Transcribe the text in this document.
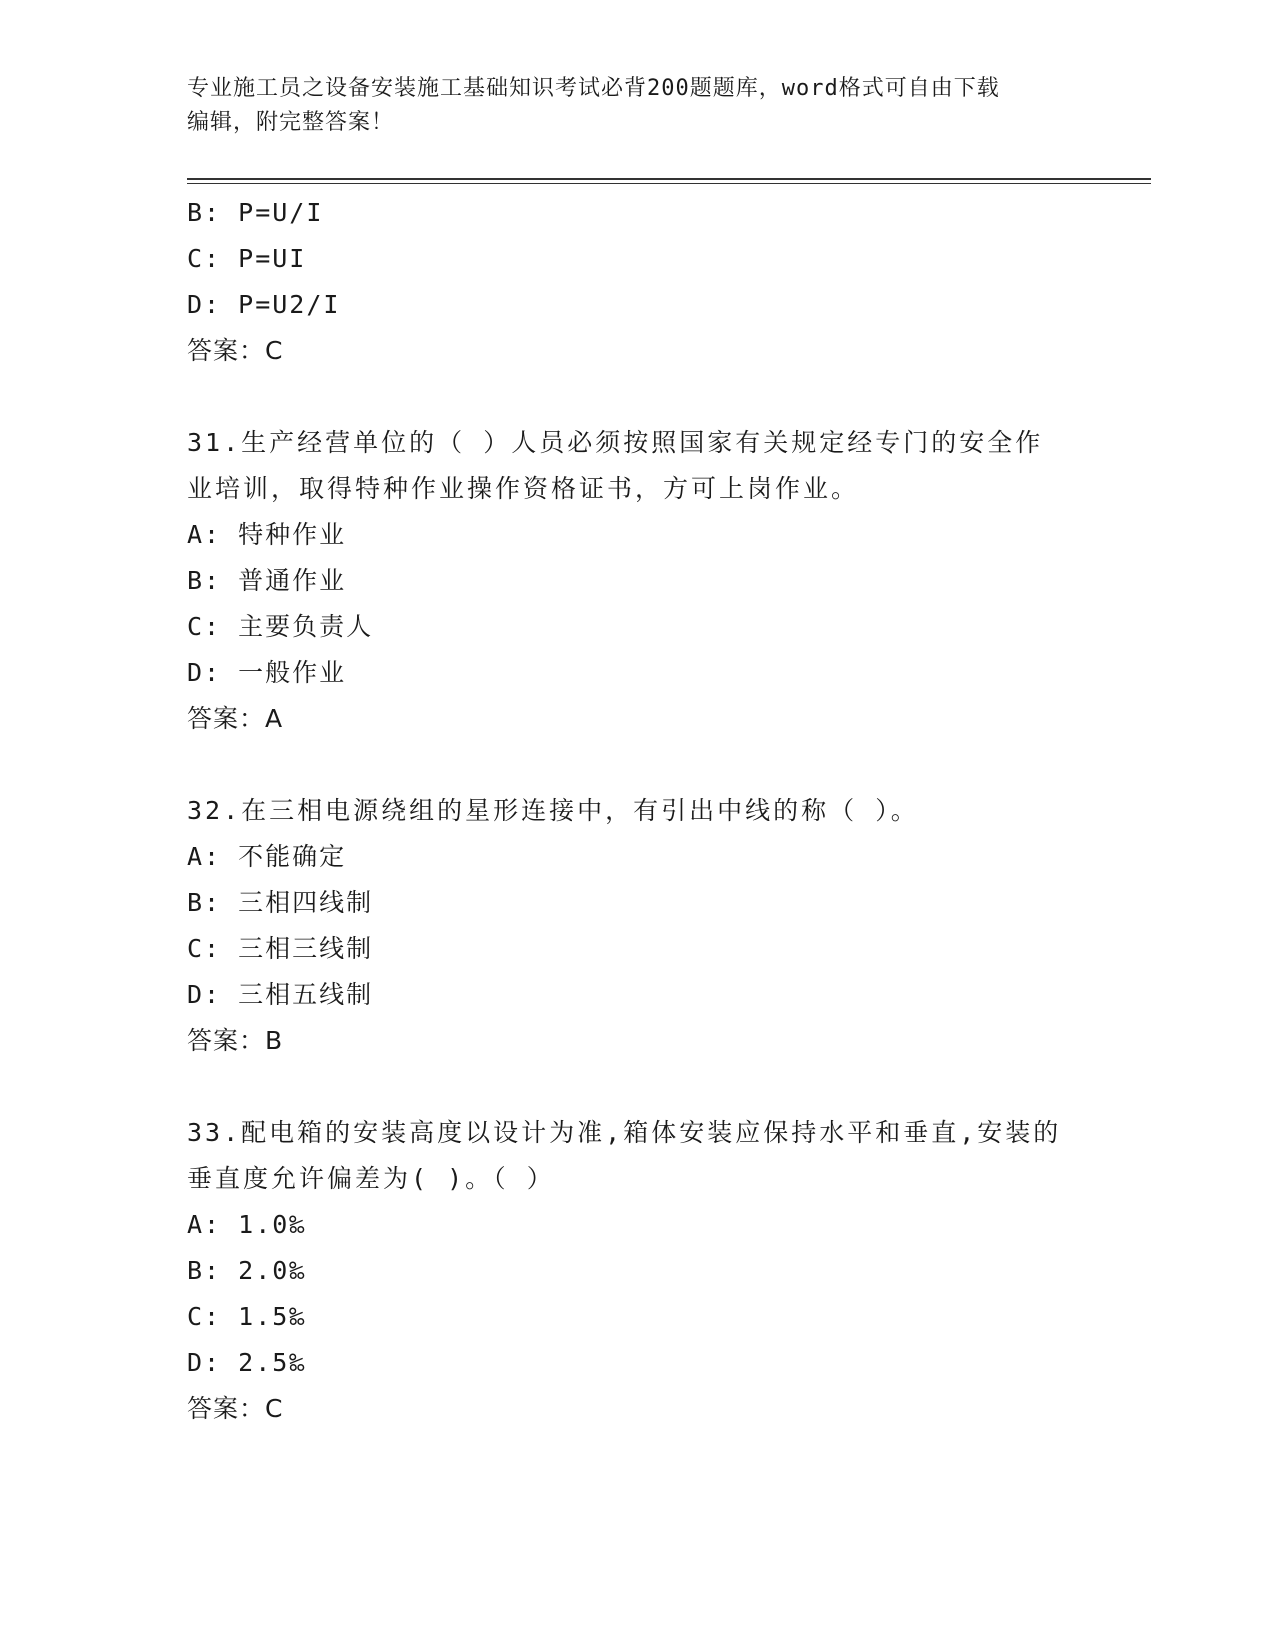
专业施工员之设备安装施工基础知识考试必背200题题库，word格式可自由下载
编辑，附完整答案！
B: P=U/I
C: P=UI
D: P=U2/I
答案：C
31.生产经营单位的（ ）人员必须按照国家有关规定经专门的安全作
业培训，取得特种作业操作资格证书，方可上岗作业。
A: 特种作业
B: 普通作业
C: 主要负责人
D: 一般作业
答案：A
32.在三相电源绕组的星形连接中，有引出中线的称（ ）。
A: 不能确定
B: 三相四线制
C: 三相三线制
D: 三相五线制
答案：B
33.配电箱的安装高度以设计为准,箱体安装应保持水平和垂直,安装的
垂直度允许偏差为( )。（ ）
A: 1.0‰
B: 2.0‰
C: 1.5‰
D: 2.5‰
答案：C
